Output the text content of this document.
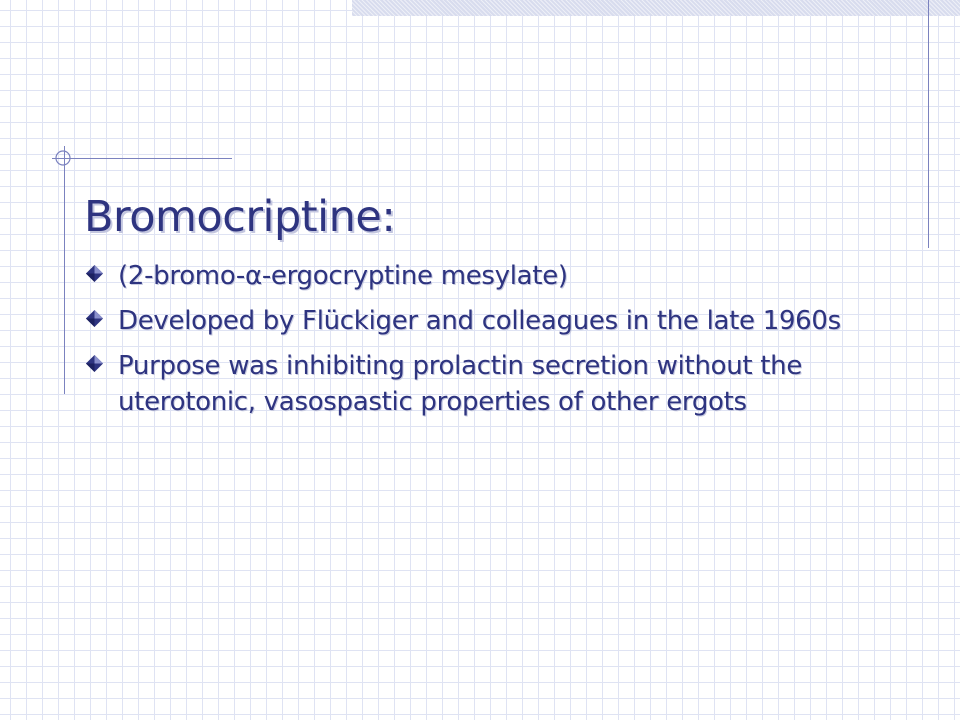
Bromocriptine:
(2-bromo-α-ergocryptine mesylate)
Developed by Flückiger and colleagues in the late 1960s
Purpose was inhibiting prolactin secretion without the uterotonic, vasospastic properties of other ergots
